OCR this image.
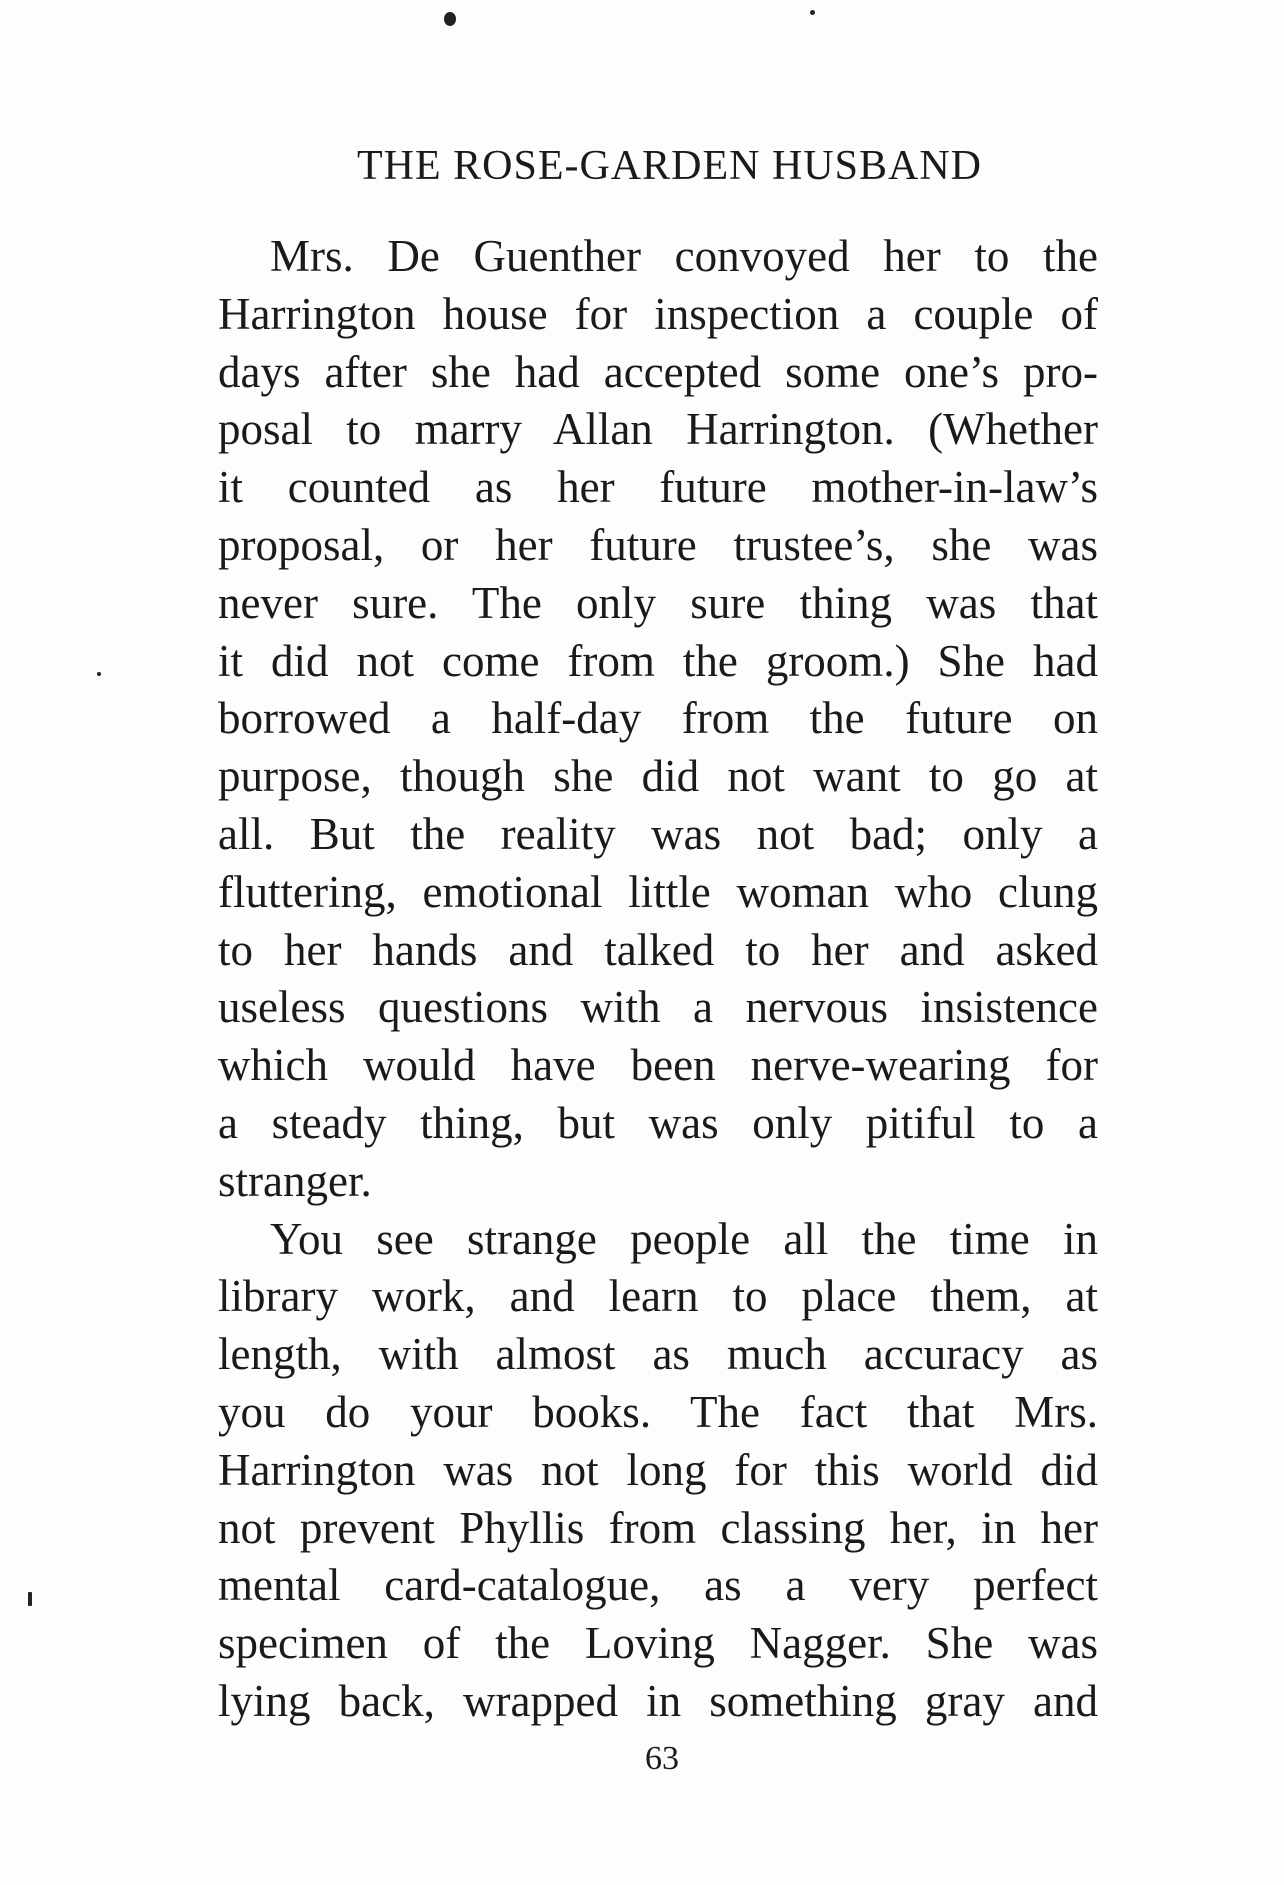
THE ROSE-GARDEN HUSBAND
Mrs. De Guenther convoyed her to the
Harrington house for inspection a couple of
days after she had accepted some one’s pro-
posal to marry Allan Harrington. (Whether
it counted as her future mother-in-law’s
proposal, or her future trustee’s, she was
never sure. The only sure thing was that
it did not come from the groom.) She had
borrowed a half-day from the future on
purpose, though she did not want to go at
all. But the reality was not bad; only a
fluttering, emotional little woman who clung
to her hands and talked to her and asked
useless questions with a nervous insistence
which would have been nerve-wearing for
a steady thing, but was only pitiful to a
stranger.
You see strange people all the time in
library work, and learn to place them, at
length, with almost as much accuracy as
you do your books. The fact that Mrs.
Harrington was not long for this world did
not prevent Phyllis from classing her, in her
mental card-catalogue, as a very perfect
specimen of the Loving Nagger. She was
lying back, wrapped in something gray and
63
